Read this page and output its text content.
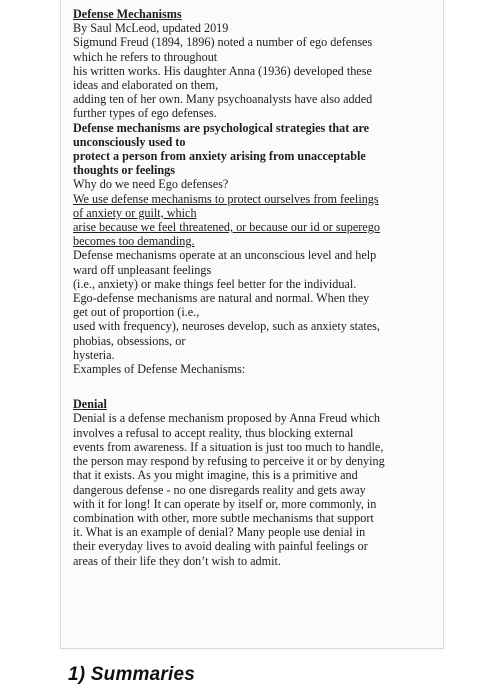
Defense Mechanisms

By Saul McLeod, updated 2019

Sigmund Freud (1894, 1896) noted a number of ego defenses

which he refers to throughout

his written works. His daughter Anna (1936) developed these

ideas and elaborated on them,

adding ten of her own. Many psychoanalysts have also added

further types of ego defenses.

Defense mechanisms are psychological strategies that are

unconsciously used to

protect a person from anxiety arising from unacceptable

thoughts or feelings

Why do we need Ego defenses?

We use defense mechanisms to protect ourselves from feelings

of anxiety or guilt, which

arise because we feel threatened, or because our id or superego

becomes too demanding.

Defense mechanisms operate at an unconscious level and help

ward off unpleasant feelings

(i.e., anxiety) or make things feel better for the individual.

Ego-defense mechanisms are natural and normal. When they

get out of proportion (i.e.,

used with frequency), neuroses develop, such as anxiety states,

phobias, obsessions, or

hysteria.

Examples of Defense Mechanisms:

Denial

Denial is a defense mechanism proposed by Anna Freud which

involves a refusal to accept reality, thus blocking external

events from awareness. If a situation is just too much to handle,

the person may respond by refusing to perceive it or by denying

that it exists. As you might imagine, this is a primitive and

dangerous defense - no one disregards reality and gets away

with it for long! It can operate by itself or, more commonly, in

combination with other, more subtle mechanisms that support

it. What is an example of denial? Many people use denial in

their everyday lives to avoid dealing with painful feelings or

areas of their life they don’t wish to admit.

1) Summaries
